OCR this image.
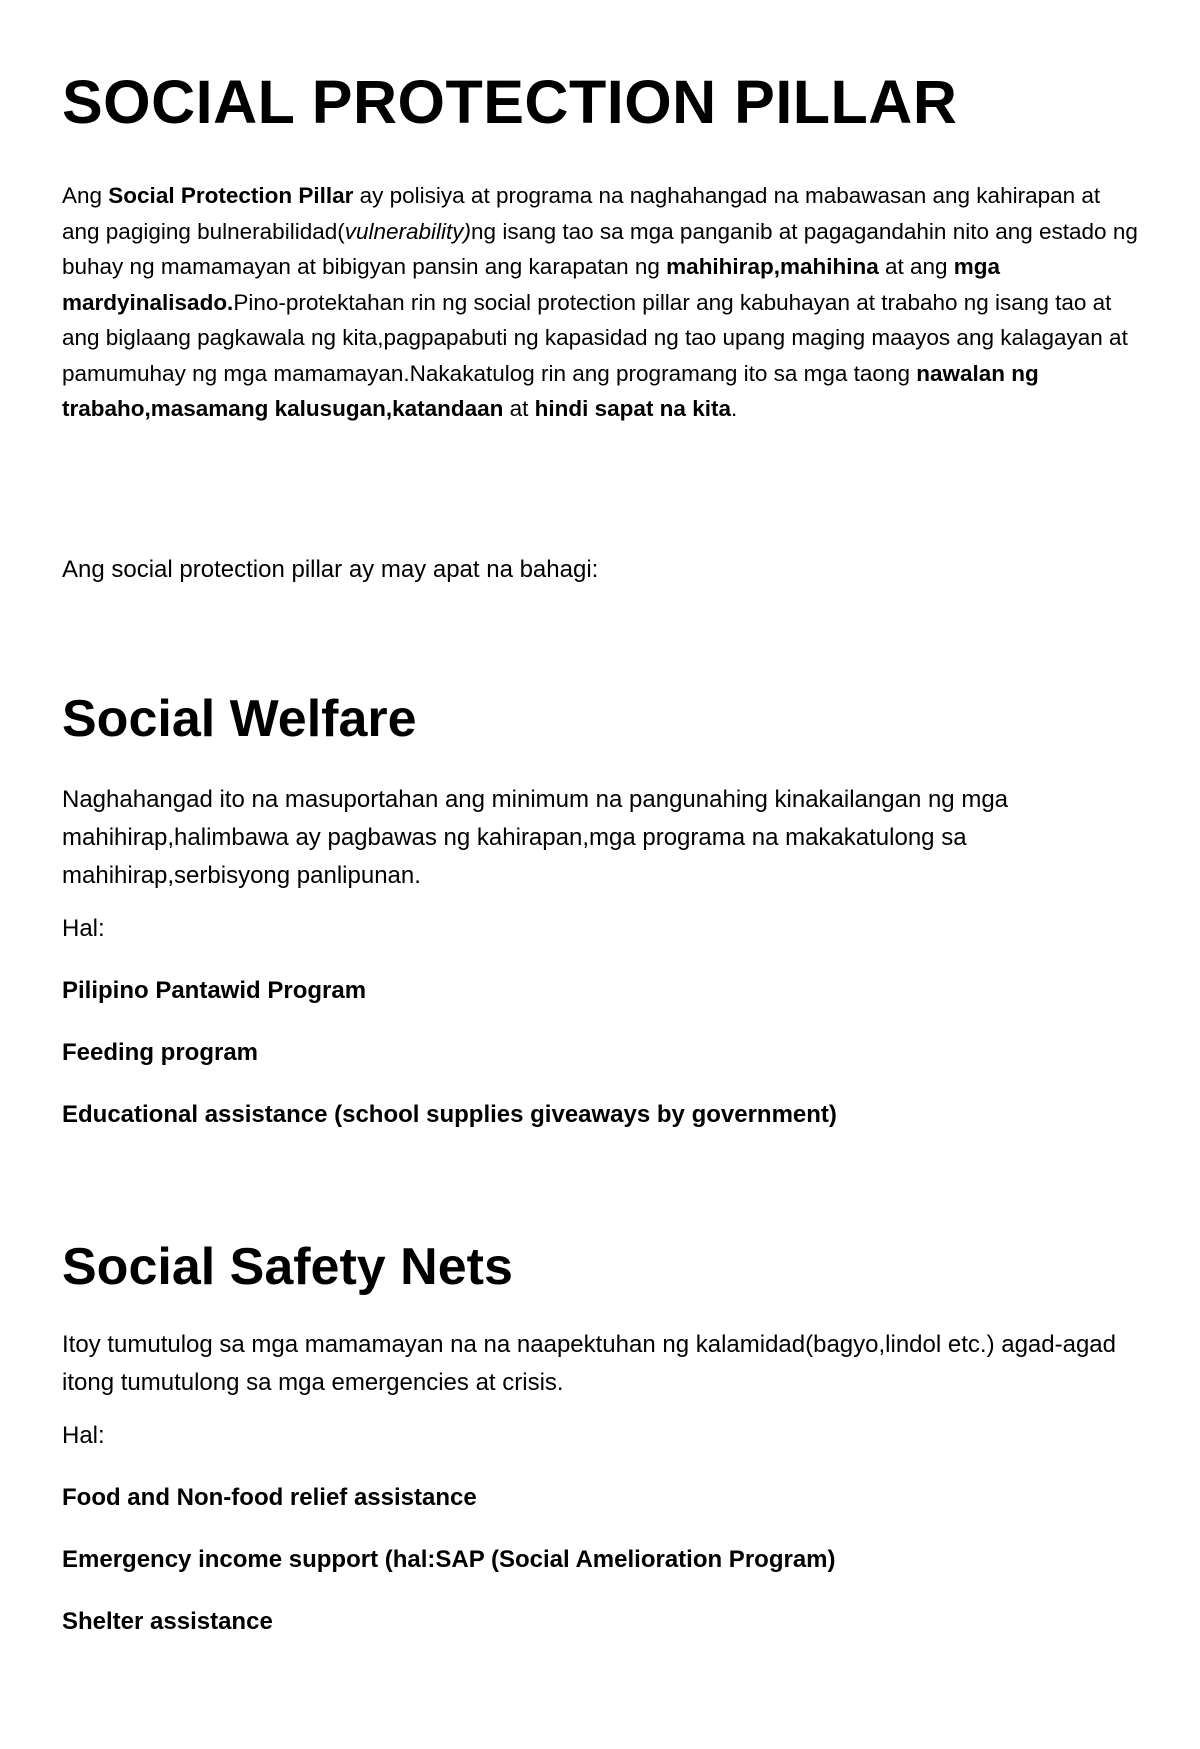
SOCIAL PROTECTION PILLAR

Ang Social Protection Pillar ay polisiya at programa na naghahangad na mabawasan ang kahirapan at ang pagiging bulnerabilidad(vulnerability)ng isang tao sa mga panganib at pagagandahin nito ang estado ng buhay ng mamamayan at bibigyan pansin ang karapatan ng mahihirap,mahihina at ang mga mardyinalisado.Pino-protektahan rin ng social protection pillar ang kabuhayan at trabaho ng isang tao at ang biglaang pagkawala ng kita,pagpapabuti ng kapasidad ng tao upang maging maayos ang kalagayan at pamumuhay ng mga mamamayan.Nakakatulog rin ang programang ito sa mga taong nawalan ng trabaho,masamang kalusugan,katandaan at hindi sapat na kita.

Ang social protection pillar ay may apat na bahagi:

Social Welfare

Naghahangad ito na masuportahan ang minimum na pangunahing kinakailangan ng mga mahihirap,halimbawa ay pagbawas ng kahirapan,mga programa na makakatulong sa mahihirap,serbisyong panlipunan.

Hal:

Pilipino Pantawid Program

Feeding program

Educational assistance (school supplies giveaways by government)

Social Safety Nets

Itoy tumutulog sa mga mamamayan na na naapektuhan ng kalamidad(bagyo,lindol etc.) agad-agad itong tumutulong sa mga emergencies at crisis.

Hal:

Food and Non-food relief assistance

Emergency income support (hal:SAP (Social Amelioration Program)

Shelter assistance
